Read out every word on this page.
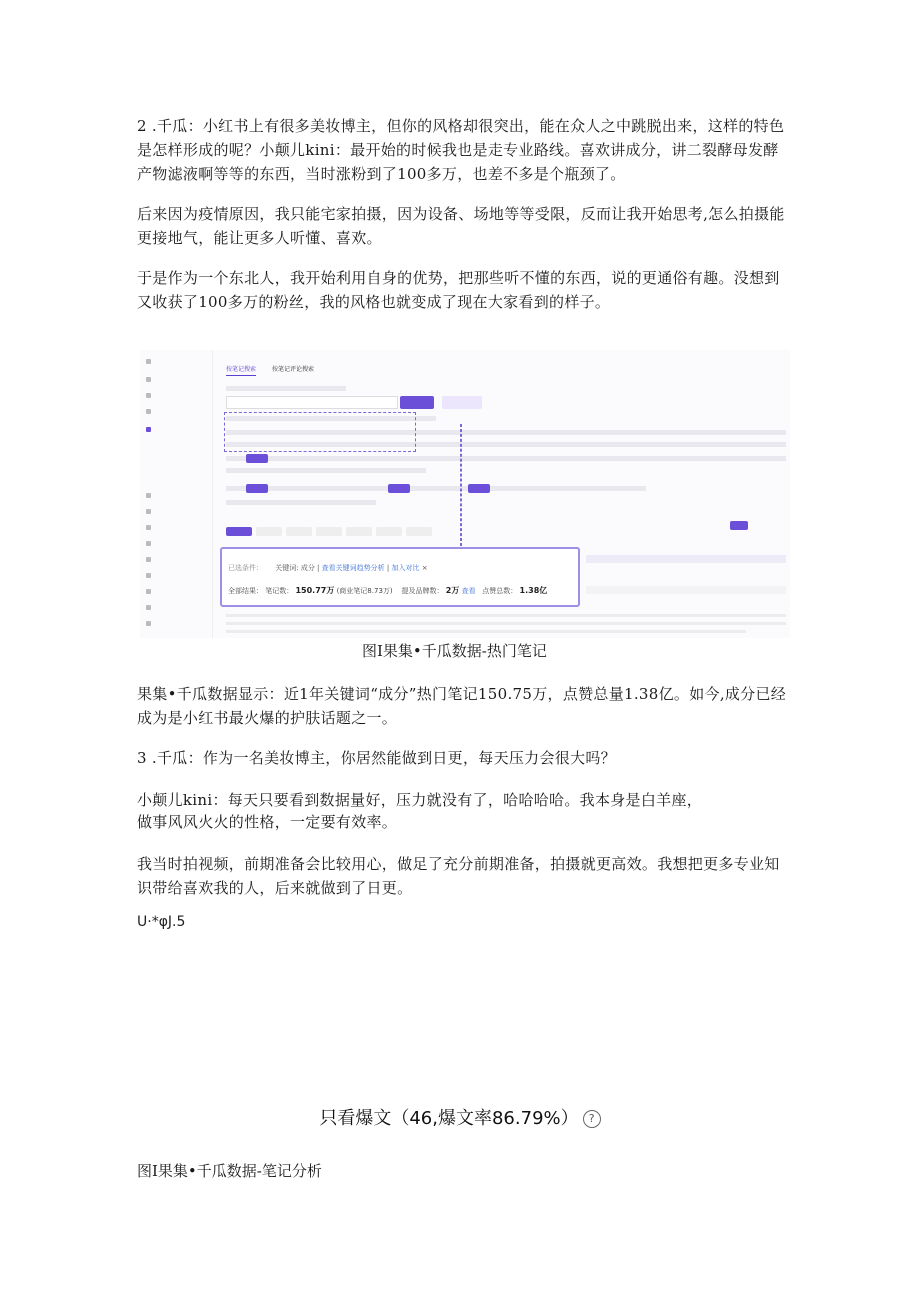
2 .千瓜：小红书上有很多美妆博主，但你的风格却很突出，能在众人之中跳脱出来，这样的特色是怎样形成的呢？小颠儿kini：最开始的时候我也是走专业路线。喜欢讲成分，讲二裂酵母发酵产物滤液啊等等的东西，当时涨粉到了100多万，也差不多是个瓶颈了。

后来因为疫情原因，我只能宅家拍摄，因为设备、场地等等受限，反而让我开始思考,怎么拍摄能更接地气，能让更多人听懂、喜欢。

于是作为一个东北人，我开始利用自身的优势，把那些听不懂的东西，说的更通俗有趣。没想到又收获了100多万的粉丝，我的风格也就变成了现在大家看到的样子。

按笔记搜索	按笔记评论搜索
已选条件： 关键词: 成分 | 查看关键词趋势分析 | 加入对比 ×
全部结果： 笔记数： 150.77万 (商业笔记8.73万) 提及品牌数： 2万 查看 点赞总数： 1.38亿

图I果集•千瓜数据-热门笔记

果集•千瓜数据显示：近1年关键词“成分”热门笔记150.75万，点赞总量1.38亿。如今,成分已经成为是小红书最火爆的护肤话题之一。

3 .千瓜：作为一名美妆博主，你居然能做到日更，每天压力会很大吗？

小颠儿kini：每天只要看到数据量好，压力就没有了，哈哈哈哈。我本身是白羊座，

做事风风火火的性格，一定要有效率。

我当时拍视频，前期准备会比较用心，做足了充分前期准备，拍摄就更高效。我想把更多专业知识带给喜欢我的人，后来就做到了日更。

U·*φJ.5

只看爆文（46,爆文率86.79%） ?

图I果集•千瓜数据-笔记分析
